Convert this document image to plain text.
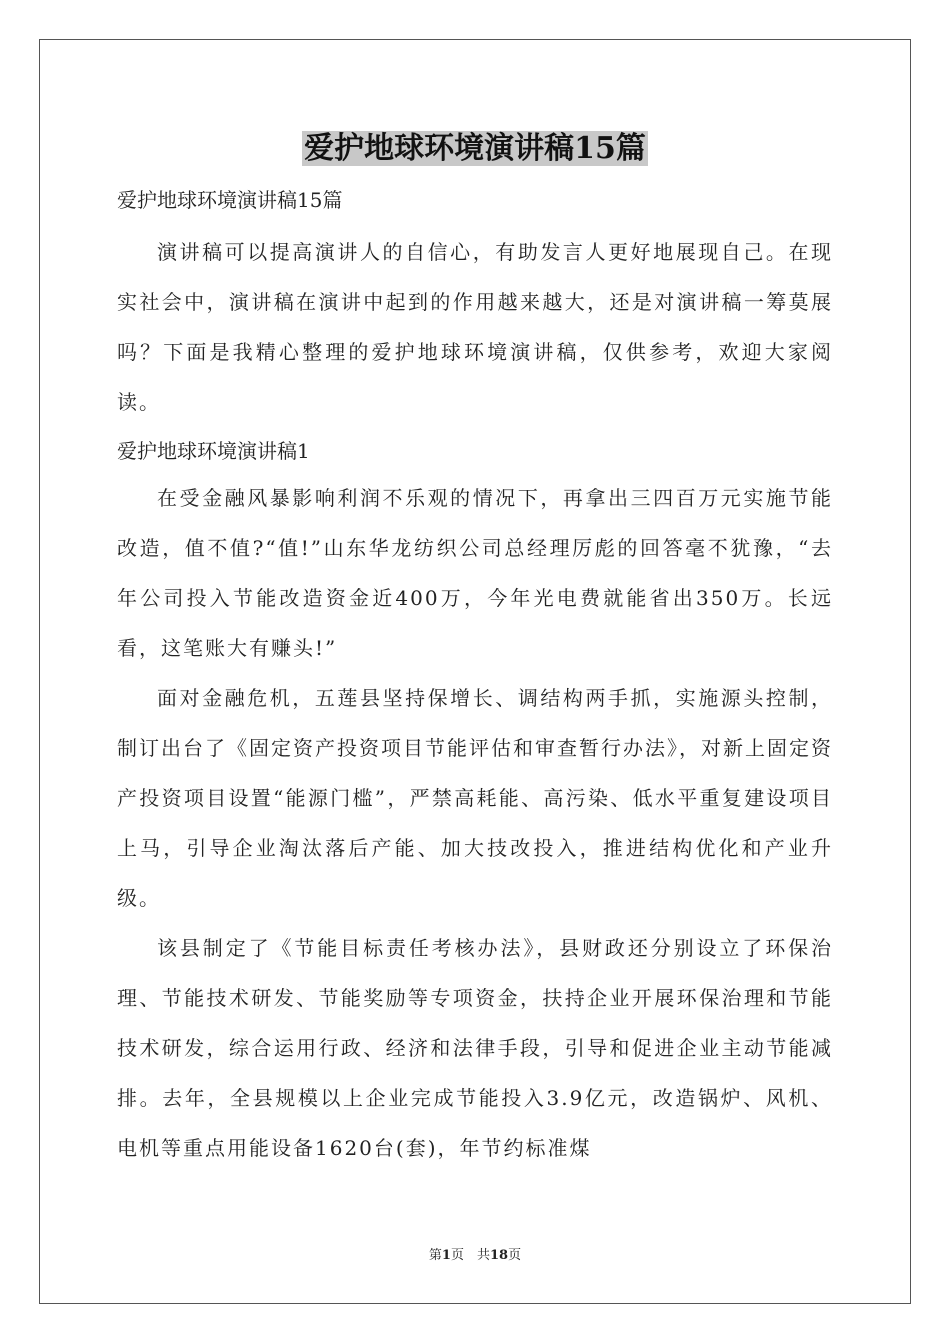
爱护地球环境演讲稿15篇

爱护地球环境演讲稿15篇

演讲稿可以提高演讲人的自信心，有助发言人更好地展现自己。在现实社会中，演讲稿在演讲中起到的作用越来越大，还是对演讲稿一筹莫展吗？下面是我精心整理的爱护地球环境演讲稿，仅供参考，欢迎大家阅读。

爱护地球环境演讲稿1

在受金融风暴影响利润不乐观的情况下，再拿出三四百万元实施节能改造，值不值?“值!”山东华龙纺织公司总经理厉彪的回答毫不犹豫，“去年公司投入节能改造资金近400万，今年光电费就能省出350万。长远看，这笔账大有赚头!”

面对金融危机，五莲县坚持保增长、调结构两手抓，实施源头控制，制订出台了《固定资产投资项目节能评估和审查暂行办法》，对新上固定资产投资项目设置“能源门槛”，严禁高耗能、高污染、低水平重复建设项目上马，引导企业淘汰落后产能、加大技改投入，推进结构优化和产业升级。

该县制定了《节能目标责任考核办法》，县财政还分别设立了环保治理、节能技术研发、节能奖励等专项资金，扶持企业开展环保治理和节能技术研发，综合运用行政、经济和法律手段，引导和促进企业主动节能减排。去年，全县规模以上企业完成节能投入3.9亿元，改造锅炉、风机、电机等重点用能设备1620台(套)，年节约标准煤

第1页　共18页
